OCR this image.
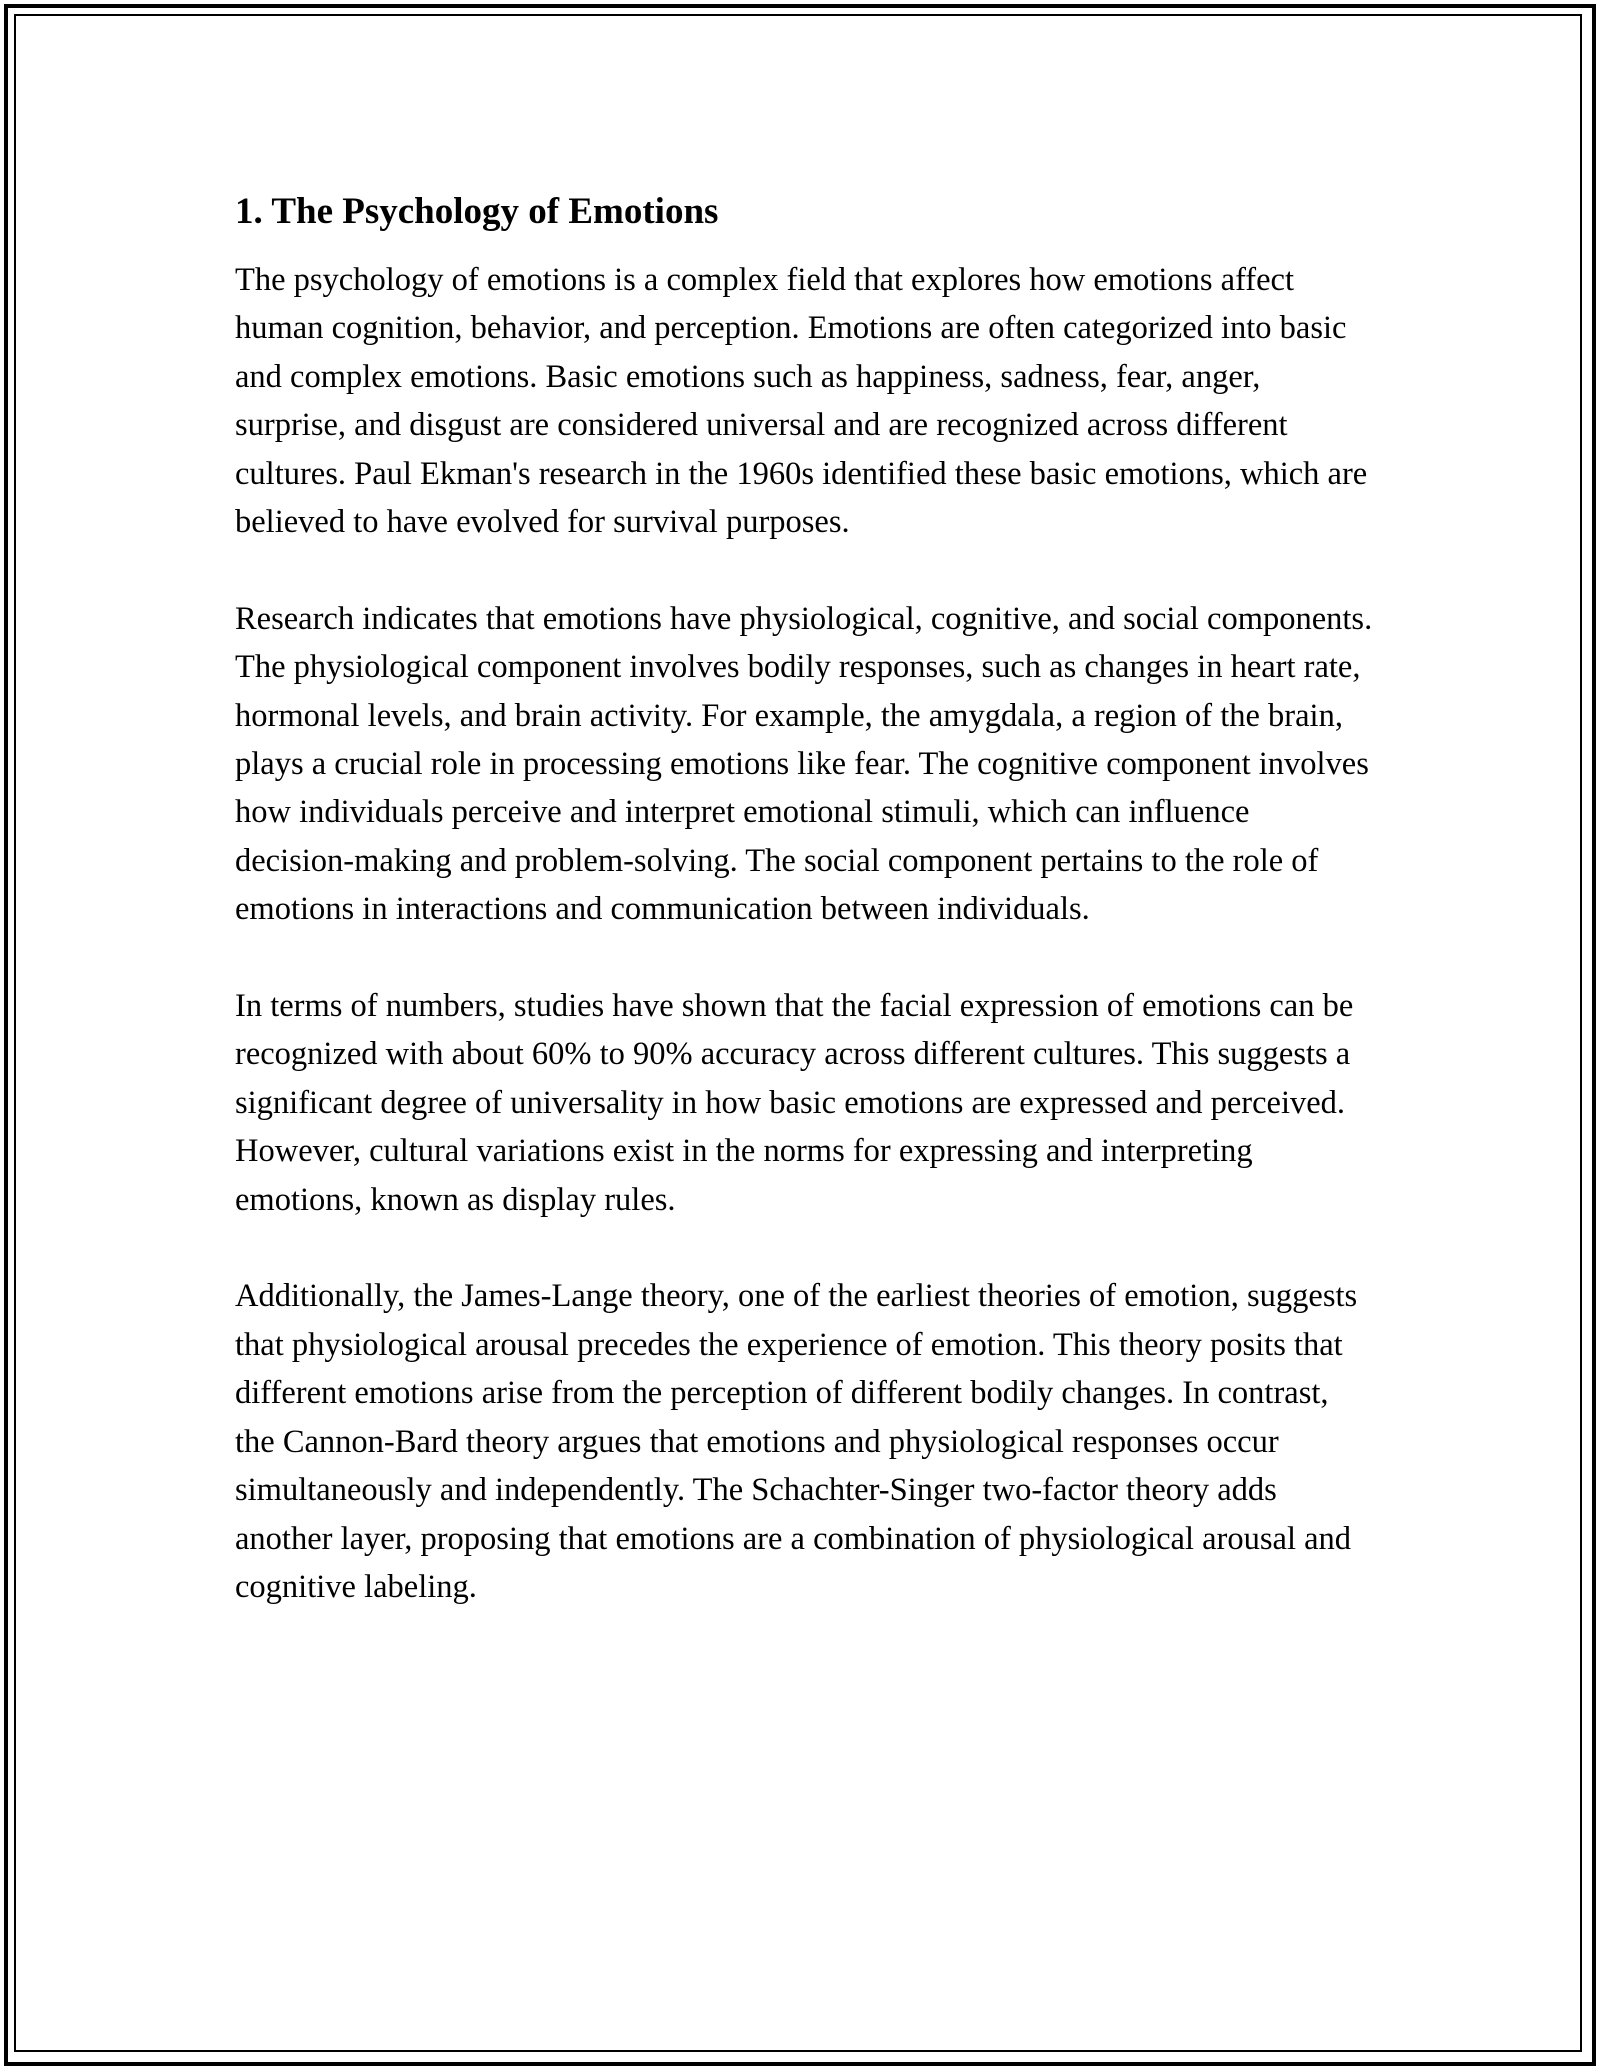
1. The Psychology of Emotions

The psychology of emotions is a complex field that explores how emotions affect human cognition, behavior, and perception. Emotions are often categorized into basic and complex emotions. Basic emotions such as happiness, sadness, fear, anger, surprise, and disgust are considered universal and are recognized across different cultures. Paul Ekman's research in the 1960s identified these basic emotions, which are believed to have evolved for survival purposes.

Research indicates that emotions have physiological, cognitive, and social components. The physiological component involves bodily responses, such as changes in heart rate, hormonal levels, and brain activity. For example, the amygdala, a region of the brain, plays a crucial role in processing emotions like fear. The cognitive component involves how individuals perceive and interpret emotional stimuli, which can influence decision-making and problem-solving. The social component pertains to the role of emotions in interactions and communication between individuals.

In terms of numbers, studies have shown that the facial expression of emotions can be recognized with about 60% to 90% accuracy across different cultures. This suggests a significant degree of universality in how basic emotions are expressed and perceived. However, cultural variations exist in the norms for expressing and interpreting emotions, known as display rules.

Additionally, the James-Lange theory, one of the earliest theories of emotion, suggests that physiological arousal precedes the experience of emotion. This theory posits that different emotions arise from the perception of different bodily changes. In contrast, the Cannon-Bard theory argues that emotions and physiological responses occur simultaneously and independently. The Schachter-Singer two-factor theory adds another layer, proposing that emotions are a combination of physiological arousal and cognitive labeling.
